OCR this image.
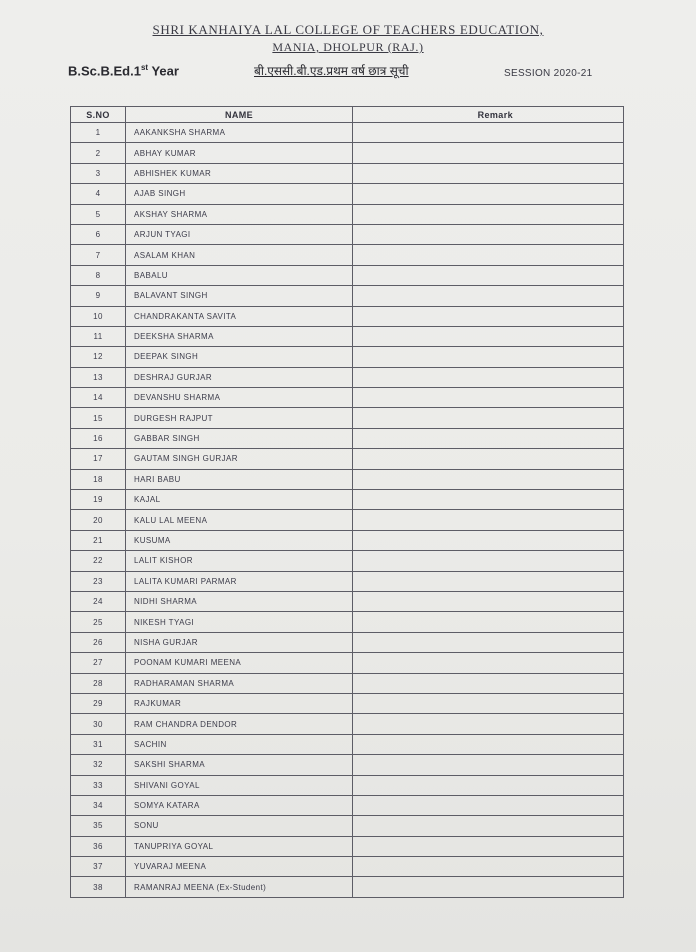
SHRI KANHAIYA LAL COLLEGE OF TEACHERS EDUCATION,
MANIA, DHOLPUR (RAJ.)
B.Sc.B.Ed.1st Year	बी.एससी.बी.एड.प्रथम वर्ष छात्र सूची	SESSION 2020-21
S.NO	NAME	Remark
1	AAKANKSHA SHARMA	
2	ABHAY KUMAR	
3	ABHISHEK KUMAR	
4	AJAB SINGH	
5	AKSHAY SHARMA	
6	ARJUN TYAGI	
7	ASALAM KHAN	
8	BABALU	
9	BALAVANT SINGH	
10	CHANDRAKANTA SAVITA	
11	DEEKSHA SHARMA	
12	DEEPAK SINGH	
13	DESHRAJ GURJAR	
14	DEVANSHU SHARMA	
15	DURGESH RAJPUT	
16	GABBAR SINGH	
17	GAUTAM SINGH GURJAR	
18	HARI BABU	
19	KAJAL	
20	KALU LAL MEENA	
21	KUSUMA	
22	LALIT KISHOR	
23	LALITA KUMARI PARMAR	
24	NIDHI SHARMA	
25	NIKESH TYAGI	
26	NISHA GURJAR	
27	POONAM KUMARI MEENA	
28	RADHARAMAN SHARMA	
29	RAJKUMAR	
30	RAM CHANDRA DENDOR	
31	SACHIN	
32	SAKSHI SHARMA	
33	SHIVANI GOYAL	
34	SOMYA KATARA	
35	SONU	
36	TANUPRIYA GOYAL	
37	YUVARAJ MEENA	
38	RAMANRAJ MEENA (Ex-Student)	
